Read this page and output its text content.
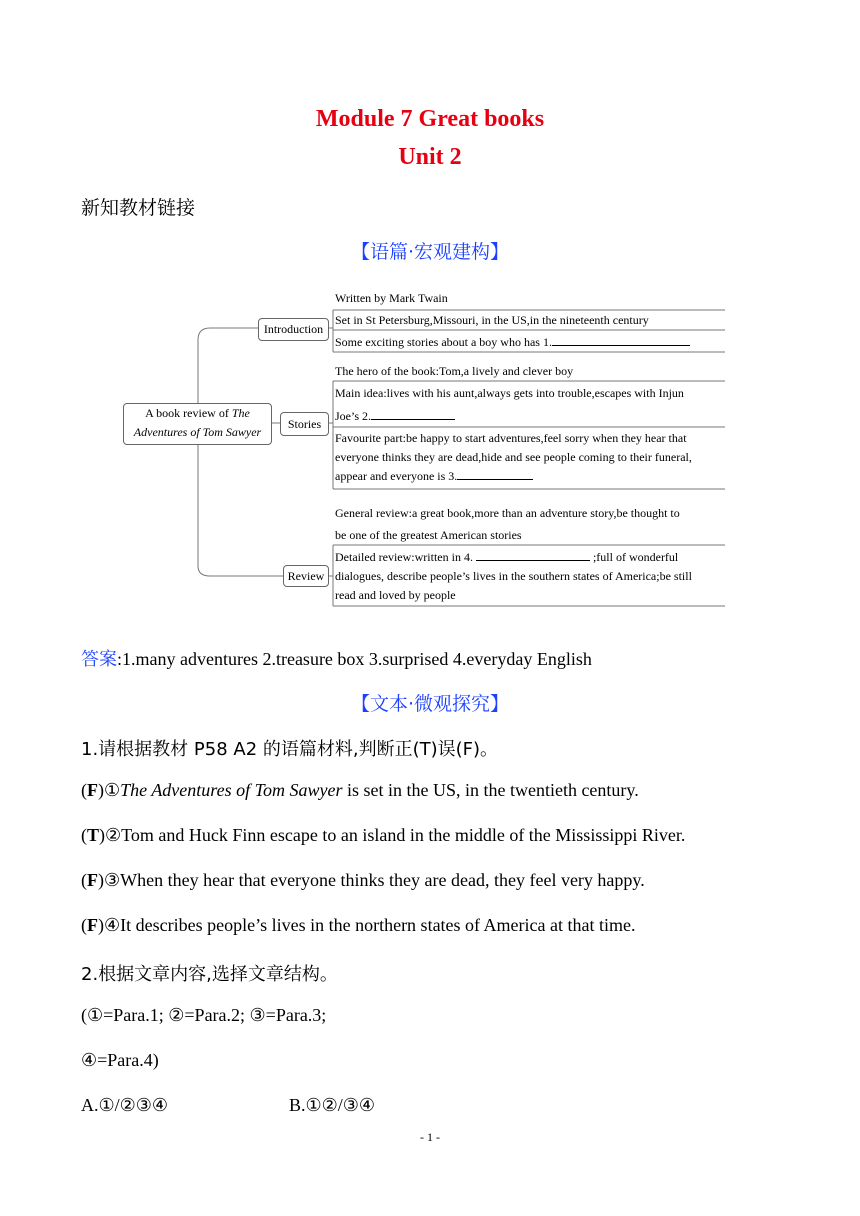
Module 7 Great books
Unit 2
新知教材链接
【语篇·宏观建构】
A book review of The
Adventures of Tom Sawyer
Introduction
Stories
Review
Written by Mark Twain
Set in St Petersburg,Missouri, in the US,in the nineteenth century
Some exciting stories about a boy who has 1.
The hero of the book:Tom,a lively and clever boy
Main idea:lives with his aunt,always gets into trouble,escapes with Injun
Joe’s 2.
Favourite part:be happy to start adventures,feel sorry when they hear that
everyone thinks they are dead,hide and see people coming to their funeral,
appear and everyone is 3.
General review:a great book,more than an adventure story,be thought to
be one of the greatest American stories
Detailed review:written in 4.	;full of wonderful
dialogues, describe people’s lives in the southern states of America;be still
read and loved by people
答案:1.many adventures 2.treasure box 3.surprised 4.everyday English
【文本·微观探究】
1.请根据教材 P58 A2 的语篇材料,判断正(T)误(F)。
(F)①The Adventures of Tom Sawyer is set in the US, in the twentieth century.
(T)②Tom and Huck Finn escape to an island in the middle of the Mississippi River.
(F)③When they hear that everyone thinks they are dead, they feel very happy.
(F)④It describes people’s lives in the northern states of America at that time.
2.根据文章内容,选择文章结构。
(①=Para.1; ②=Para.2; ③=Para.3;
④=Para.4)
A.①/②③④	B.①②/③④
- 1 -
